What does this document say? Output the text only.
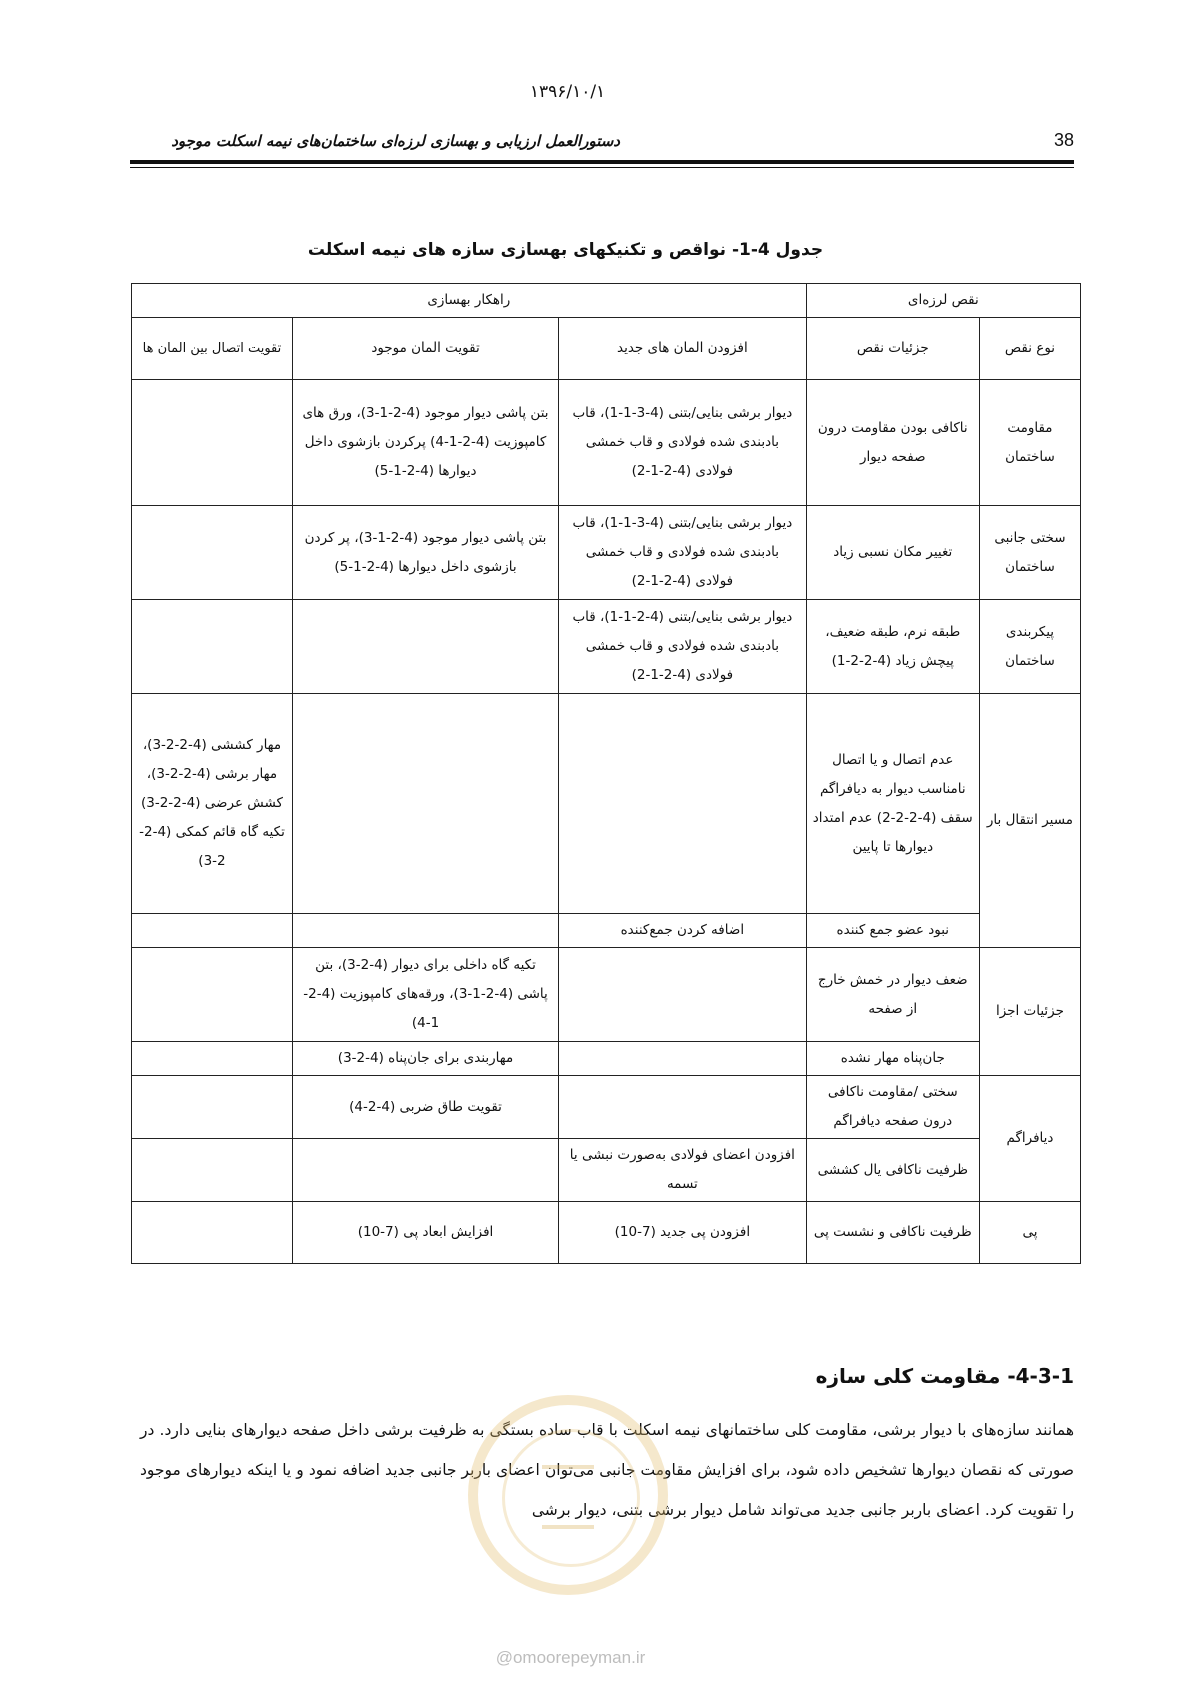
۱۳۹۶/۱۰/۱
دستورالعمل ارزیابی و بهسازی لرزه‌ای ساختمان‌های نیمه اسکلت موجود	38
جدول 4-1- نواقص و تکنیکهای بهسازی سازه های نیمه اسکلت
نقص لرزه‌ای		راهکار بهسازی		
نوع نقص	جزئیات نقص	افزودن المان های جدید	تقویت المان موجود	تقویت اتصال بین المان ها
مقاومت ساختمان	ناکافی بودن مقاومت درون صفحه دیوار	دیوار برشی بنایی/بتنی (4-3-1-1)، قاب بادبندی شده فولادی و قاب خمشی فولادی (4-2-1-2)	بتن پاشی دیوار موجود (4-2-1-3)، ورق های کامپوزیت (4-2-1-4) پرکردن بازشوی داخل دیوارها (4-2-1-5)	
سختی جانبی ساختمان	تغییر مکان نسبی زیاد	دیوار برشی بنایی/بتنی (4-3-1-1)، قاب بادبندی شده فولادی و قاب خمشی فولادی (4-2-1-2)	بتن پاشی دیوار موجود (4-2-1-3)، پر کردن بازشوی داخل دیوارها (4-2-1-5)	
پیکربندی ساختمان	طبقه نرم، طبقه ضعیف، پیچش زیاد (4-2-2-1)	دیوار برشی بنایی/بتنی (4-2-1-1)، قاب بادبندی شده فولادی و قاب خمشی فولادی (4-2-1-2)		
مسیر انتقال بار	عدم اتصال و یا اتصال نامناسب دیوار به دیافراگم سقف (4-2-2-2) عدم امتداد دیوارها تا پایین			مهار کششی (4-2-2-3)، مهار برشی (4-2-2-3)، کشش عرضی (4-2-2-3) تکیه گاه قائم کمکی (4-2-2-3)
	نبود عضو جمع کننده	اضافه کردن جمع‌کننده		
جزئیات اجزا	ضعف دیوار در خمش خارج از صفحه		تکیه گاه داخلی برای دیوار (4-2-3)، بتن پاشی (4-2-1-3)، ورقه‌های کامپوزیت (4-2-1-4)	
	جان‌پناه مهار نشده		مهاربندی برای جان‌پناه (4-2-3)	
دیافراگم	سختی /مقاومت ناکافی درون صفحه دیافراگم		تقویت طاق ضربی (4-2-4)	
	ظرفیت ناکافی یال کششی	افزودن اعضای فولادی به‌صورت نبشی یا تسمه		
پی	ظرفیت ناکافی و نشست پی	افزودن پی جدید (7-10)	افزایش ابعاد پی (7-10)	
4-3-1- مقاومت کلی سازه
همانند سازه‌های با دیوار برشی، مقاومت کلی ساختمانهای نیمه اسکلت با قاب ساده بستگی به ظرفیت برشی داخل صفحه دیوارهای بنایی دارد. در صورتی که نقصان دیوارها تشخیص داده شود، برای افزایش مقاومت جانبی می‌توان اعضای باربر جانبی جدید اضافه نمود و یا اینکه دیوارهای موجود را تقویت کرد. اعضای باربر جانبی جدید می‌تواند شامل دیوار برشی بتنی، دیوار برشی
@omoorepeyman.ir
